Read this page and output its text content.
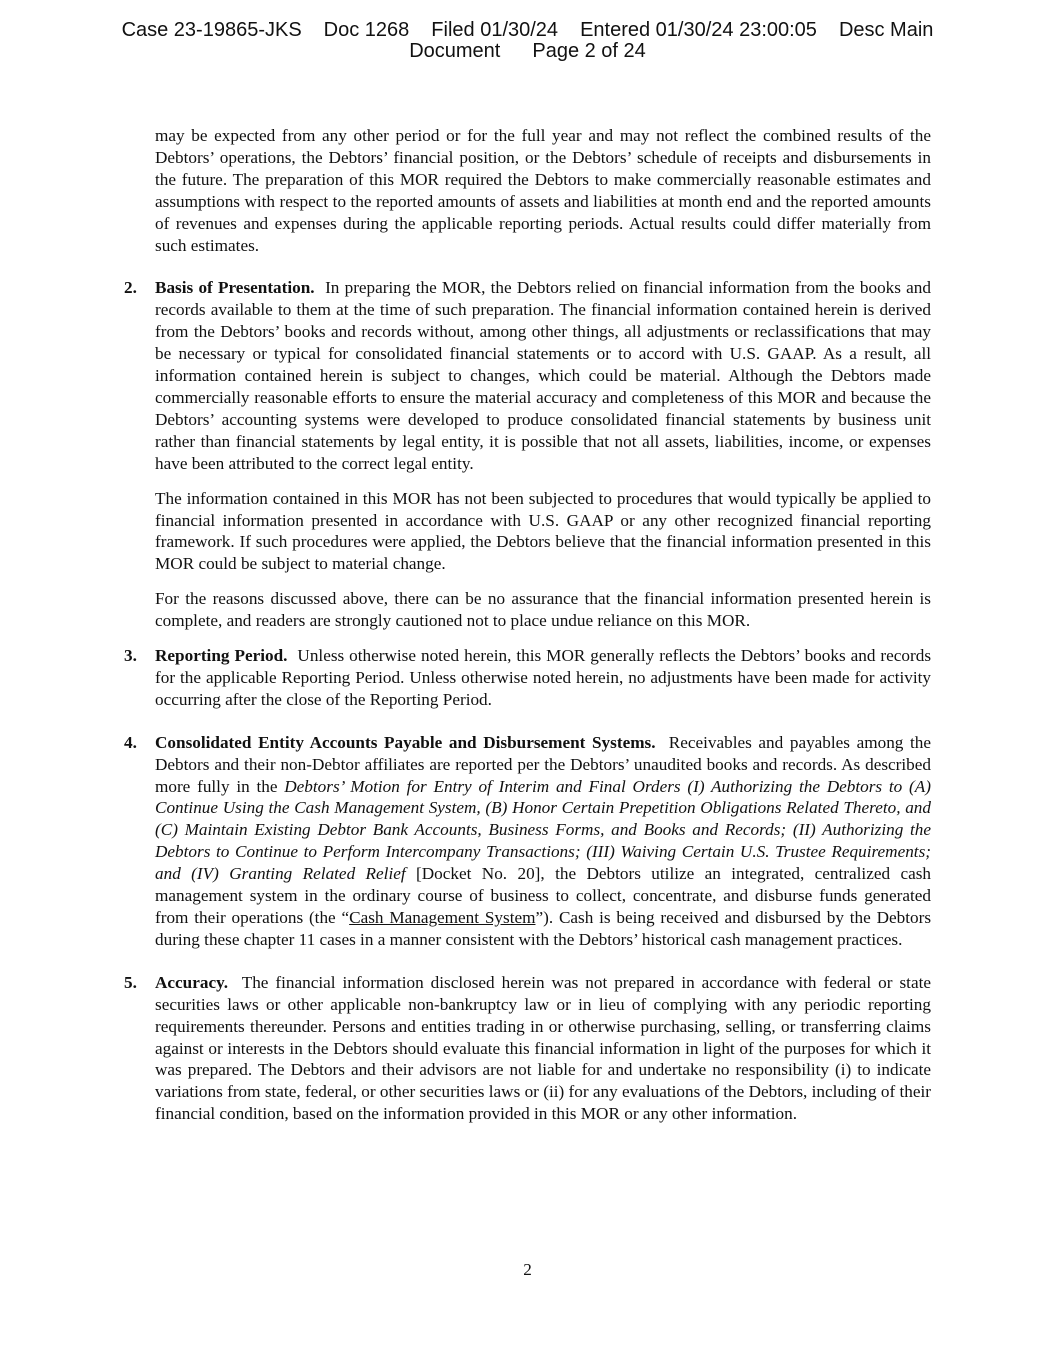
Case 23-19865-JKS Doc 1268 Filed 01/30/24 Entered 01/30/24 23:00:05 Desc Main
Document Page 2 of 24

may be expected from any other period or for the full year and may not reflect the combined results of the Debtors’ operations, the Debtors’ financial position, or the Debtors’ schedule of receipts and disbursements in the future. The preparation of this MOR required the Debtors to make commercially reasonable estimates and assumptions with respect to the reported amounts of assets and liabilities at month end and the reported amounts of revenues and expenses during the applicable reporting periods. Actual results could differ materially from such estimates.

2. Basis of Presentation. In preparing the MOR, the Debtors relied on financial information from the books and records available to them at the time of such preparation. The financial information contained herein is derived from the Debtors’ books and records without, among other things, all adjustments or reclassifications that may be necessary or typical for consolidated financial statements or to accord with U.S. GAAP. As a result, all information contained herein is subject to changes, which could be material. Although the Debtors made commercially reasonable efforts to ensure the material accuracy and completeness of this MOR and because the Debtors’ accounting systems were developed to produce consolidated financial statements by business unit rather than financial statements by legal entity, it is possible that not all assets, liabilities, income, or expenses have been attributed to the correct legal entity.

The information contained in this MOR has not been subjected to procedures that would typically be applied to financial information presented in accordance with U.S. GAAP or any other recognized financial reporting framework. If such procedures were applied, the Debtors believe that the financial information presented in this MOR could be subject to material change.

For the reasons discussed above, there can be no assurance that the financial information presented herein is complete, and readers are strongly cautioned not to place undue reliance on this MOR.

3. Reporting Period. Unless otherwise noted herein, this MOR generally reflects the Debtors’ books and records for the applicable Reporting Period. Unless otherwise noted herein, no adjustments have been made for activity occurring after the close of the Reporting Period.
4. Consolidated Entity Accounts Payable and Disbursement Systems. Receivables and payables among the Debtors and their non-Debtor affiliates are reported per the Debtors’ unaudited books and records. As described more fully in the Debtors’ Motion for Entry of Interim and Final Orders (I) Authorizing the Debtors to (A) Continue Using the Cash Management System, (B) Honor Certain Prepetition Obligations Related Thereto, and (C) Maintain Existing Debtor Bank Accounts, Business Forms, and Books and Records; (II) Authorizing the Debtors to Continue to Perform Intercompany Transactions; (III) Waiving Certain U.S. Trustee Requirements; and (IV) Granting Related Relief [Docket No. 20], the Debtors utilize an integrated, centralized cash management system in the ordinary course of business to collect, concentrate, and disburse funds generated from their operations (the “Cash Management System”). Cash is being received and disbursed by the Debtors during these chapter 11 cases in a manner consistent with the Debtors’ historical cash management practices.
5. Accuracy. The financial information disclosed herein was not prepared in accordance with federal or state securities laws or other applicable non-bankruptcy law or in lieu of complying with any periodic reporting requirements thereunder. Persons and entities trading in or otherwise purchasing, selling, or transferring claims against or interests in the Debtors should evaluate this financial information in light of the purposes for which it was prepared. The Debtors and their advisors are not liable for and undertake no responsibility (i) to indicate variations from state, federal, or other securities laws or (ii) for any evaluations of the Debtors, including of their financial condition, based on the information provided in this MOR or any other information.
2
